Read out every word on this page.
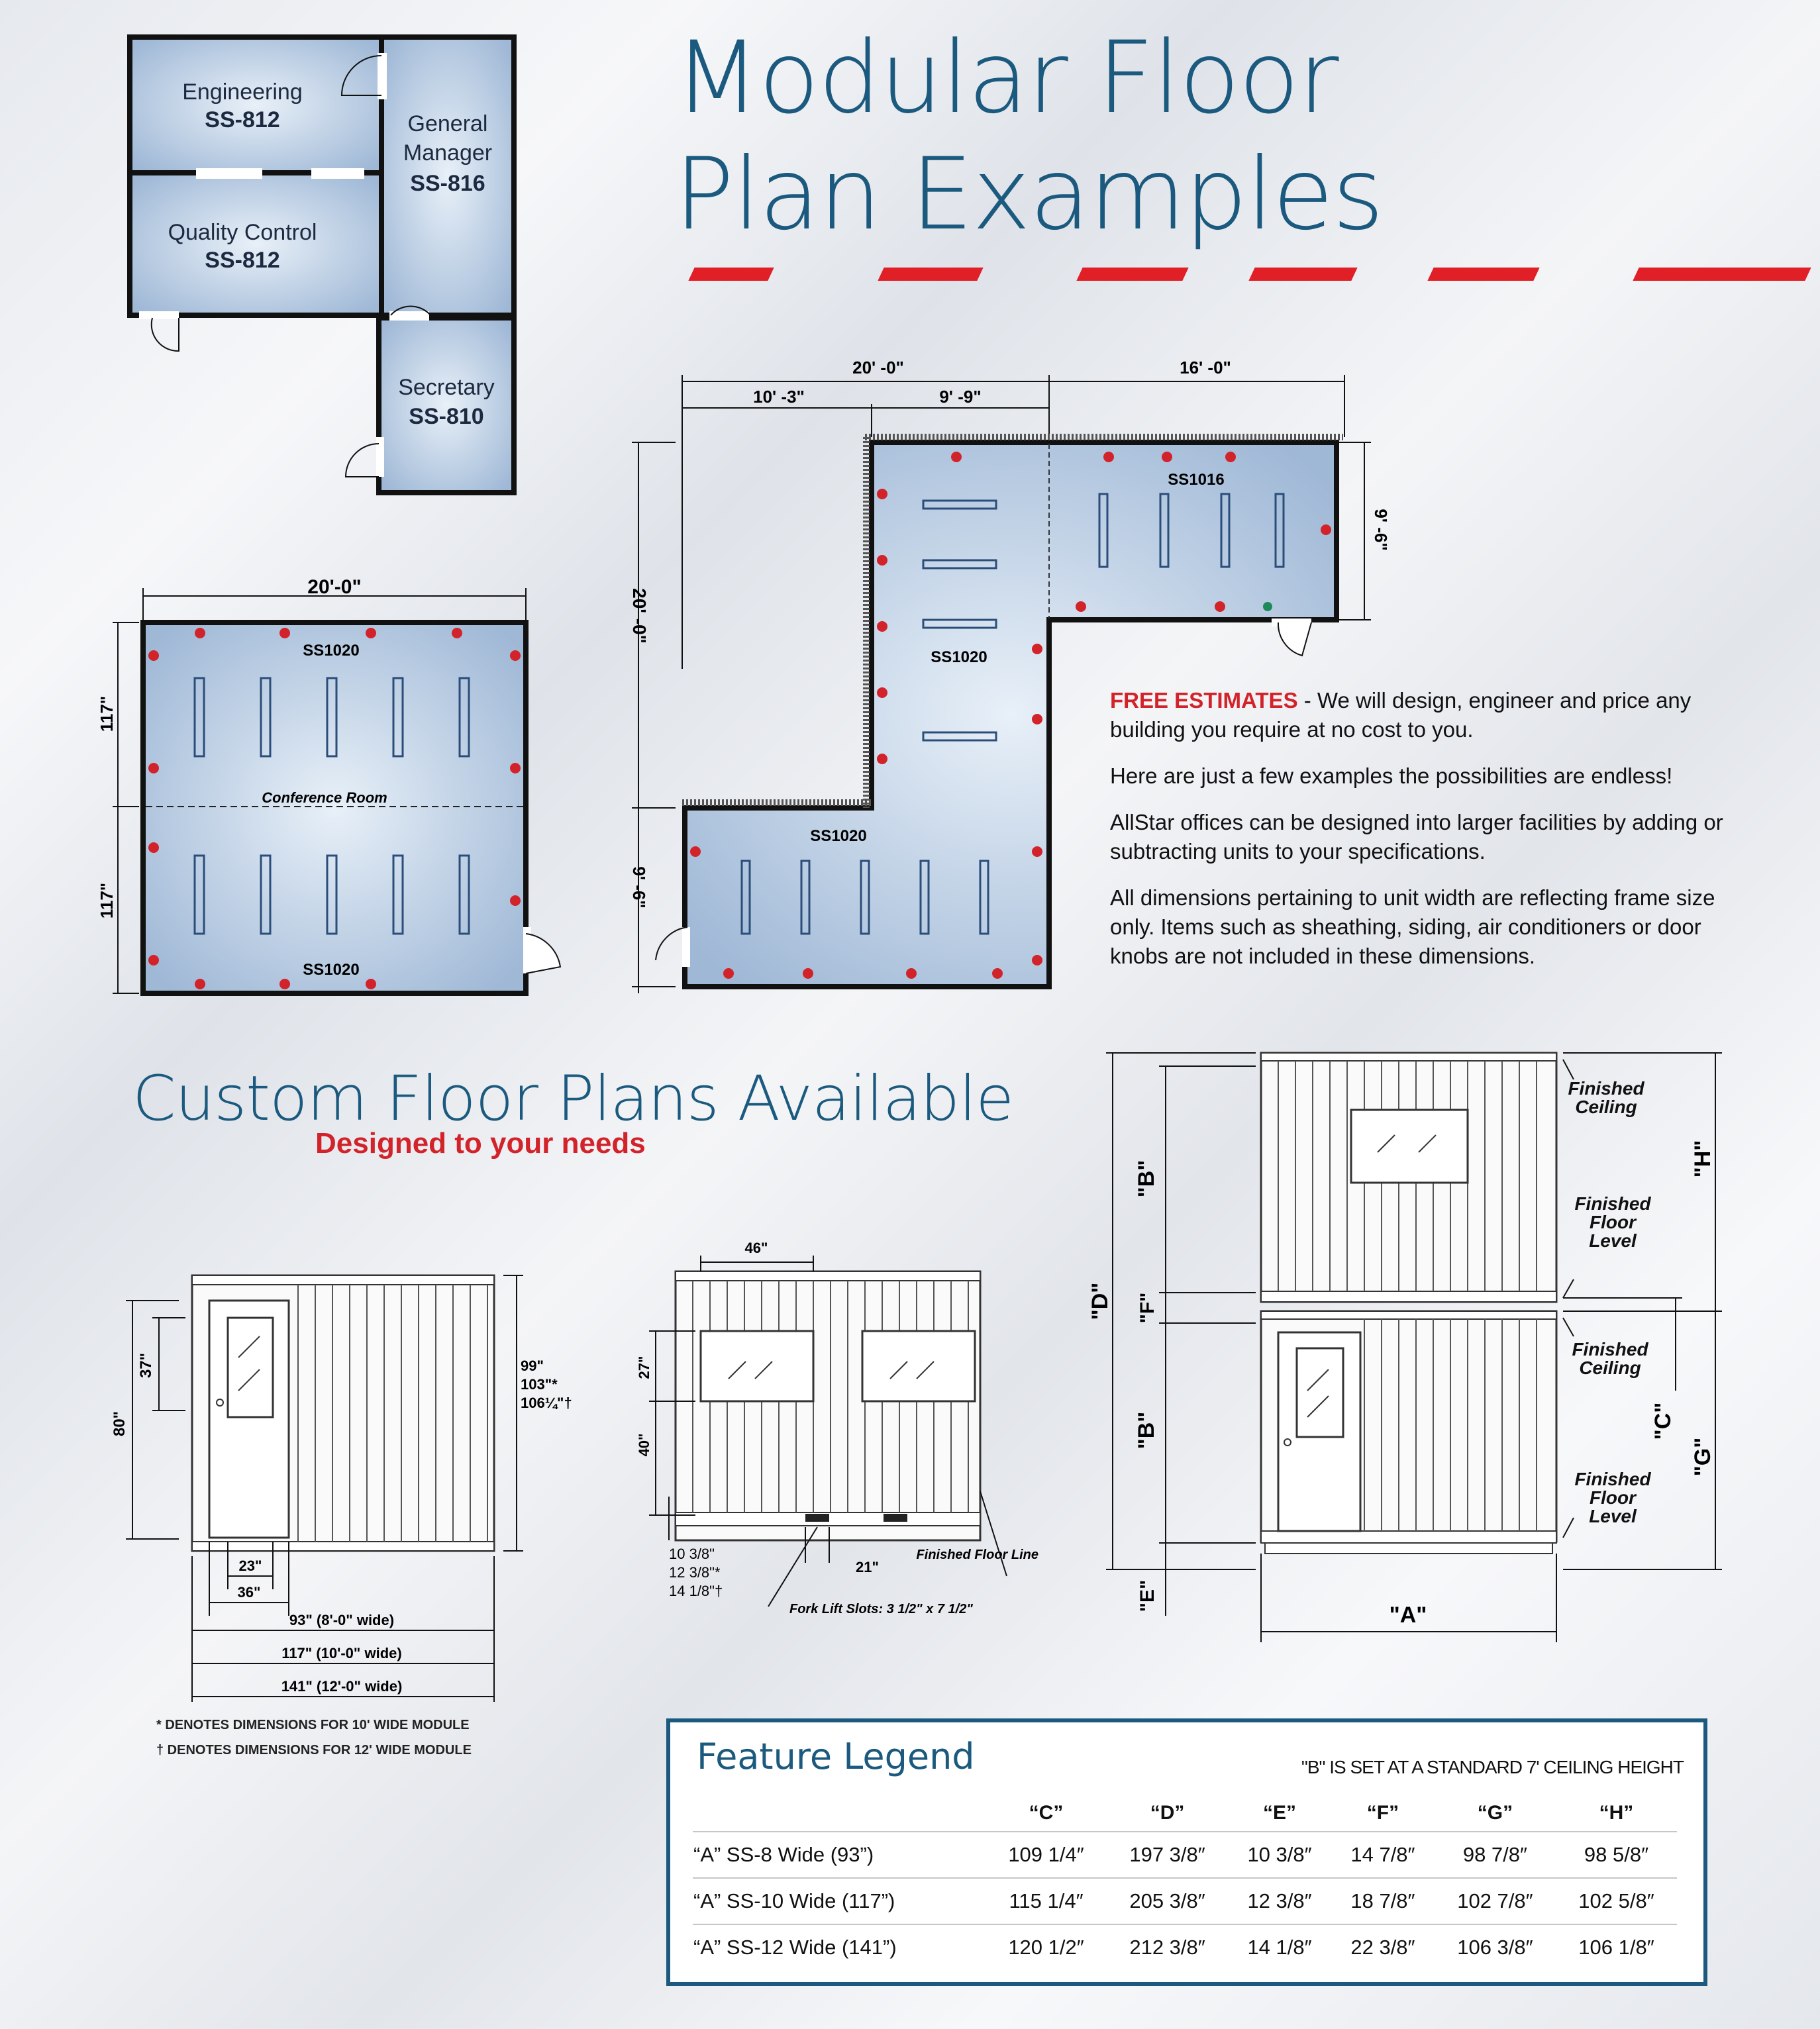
Modular Floor
Plan Examples
Engineering
SS-812
Quality Control
SS-812
General
Manager
SS-816
Secretary
SS-810
20'-0"
117"
117"
SS1020
Conference Room
SS1020
20' -0"
10' -3"	9' -9"
16' -0"
20' -0"
9' -6"
9' -6"
SS1016
SS1020
SS1020

FREE ESTIMATES - We will design, engineer and price any building you require at no cost to you.

Here are just a few examples the possibilities are endless!

AllStar offices can be designed into larger facilities by adding or subtracting units to your specifications.

All dimensions pertaining to unit width are reflecting frame size only. Items such as sheathing, siding, air conditioners or door knobs are not included in these dimensions.

Custom Floor Plans Available
Designed to your needs
80"
37"	99"
103"*
106¼"†
23"
36"
93" (8'-0" wide)
117" (10'-0" wide)
141" (12'-0" wide)
* DENOTES DIMENSIONS FOR 10' WIDE MODULE
† DENOTES DIMENSIONS FOR 12' WIDE MODULE
46"
27"
40"
10 3/8"
12 3/8"*
14 1/8"†
21"
Finished Floor Line
Fork Lift Slots: 3 1/2" x 7 1/2"
"B"
"F"
"B"
"D"
"E"
"A"
"H"
"C"
"G"
Finished Ceiling
Finished Floor Level
Finished Ceiling
Finished Floor Level
Feature Legend	"B" IS SET AT A STANDARD 7' CEILING HEIGHT
	“C”	“D”	“E”	“F”	“G”	“H”
“A” SS-8 Wide (93”)	109 1/4″	197 3/8″	10 3/8″	14 7/8″	98 7/8″	98 5/8″
“A” SS-10 Wide (117”)	115 1/4″	205 3/8″	12 3/8″	18 7/8″	102 7/8″	102 5/8″
“A” SS-12 Wide (141”)	120 1/2″	212 3/8″	14 1/8″	22 3/8″	106 3/8″	106 1/8″
